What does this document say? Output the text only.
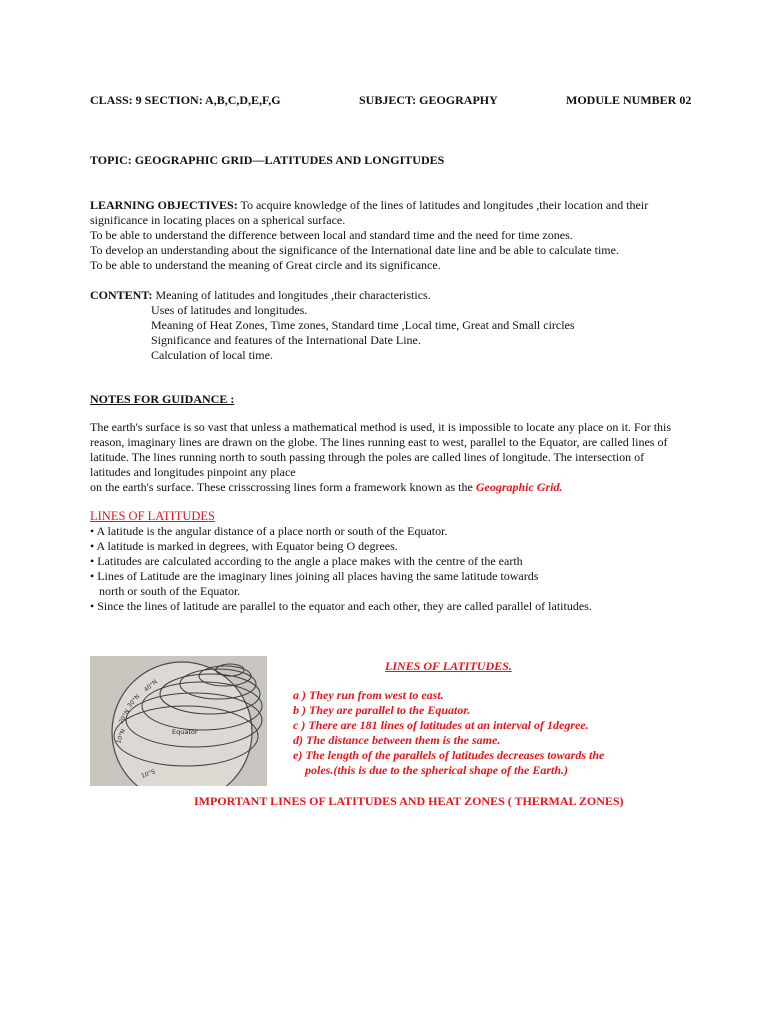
CLASS: 9 SECTION: A,B,C,D,E,F,G	SUBJECT: GEOGRAPHY	MODULE NUMBER 02
TOPIC: GEOGRAPHIC GRID—LATITUDES AND LONGITUDES
LEARNING OBJECTIVES: To acquire knowledge of the lines of latitudes and longitudes ,their location and their
significance in locating places on a spherical surface.
To be able to understand the difference between local and standard time and the need for time zones.
To develop an understanding about the significance of the International date line and be able to calculate time.
To be able to understand the meaning of Great circle and its significance.
CONTENT: Meaning of latitudes and longitudes ,their characteristics.
Uses of latitudes and longitudes.
Meaning of Heat Zones, Time zones, Standard time ,Local time, Great and Small circles
Significance and features of the International Date Line.
Calculation of local time.
NOTES FOR GUIDANCE :
The earth's surface is so vast that unless a mathematical method is used, it is impossible to locate any place on it. For this
reason, imaginary lines are drawn on the globe. The lines running east to west, parallel to the Equator, are called lines of
latitude. The lines running north to south passing through the poles are called lines of longitude. The intersection of
latitudes and longitudes pinpoint any place
on the earth's surface. These crisscrossing lines form a framework known as the Geographic Grid.
LINES OF LATITUDES
• A latitude is the angular distance of a place north or south of the Equator.
• A latitude is marked in degrees, with Equator being O degrees.
• Latitudes are calculated according to the angle a place makes with the centre of the earth
• Lines of Latitude are the imaginary lines joining all places having the same latitude towards
north or south of the Equator.
• Since the lines of latitude are parallel to the equator and each other, they are called parallel of latitudes.
40°N
30°N
20°N
10°N
10°S
Equator
LINES OF LATITUDES.
a ) They run from west to east.
b ) They are parallel to the Equator.
c ) There are 181 lines of latitudes at an interval of 1degree.
d) The distance between them is the same.
e) The length of the parallels of latitudes decreases towards the
poles.(this is due to the spherical shape of the Earth.)
IMPORTANT LINES OF LATITUDES AND HEAT ZONES ( THERMAL ZONES)
